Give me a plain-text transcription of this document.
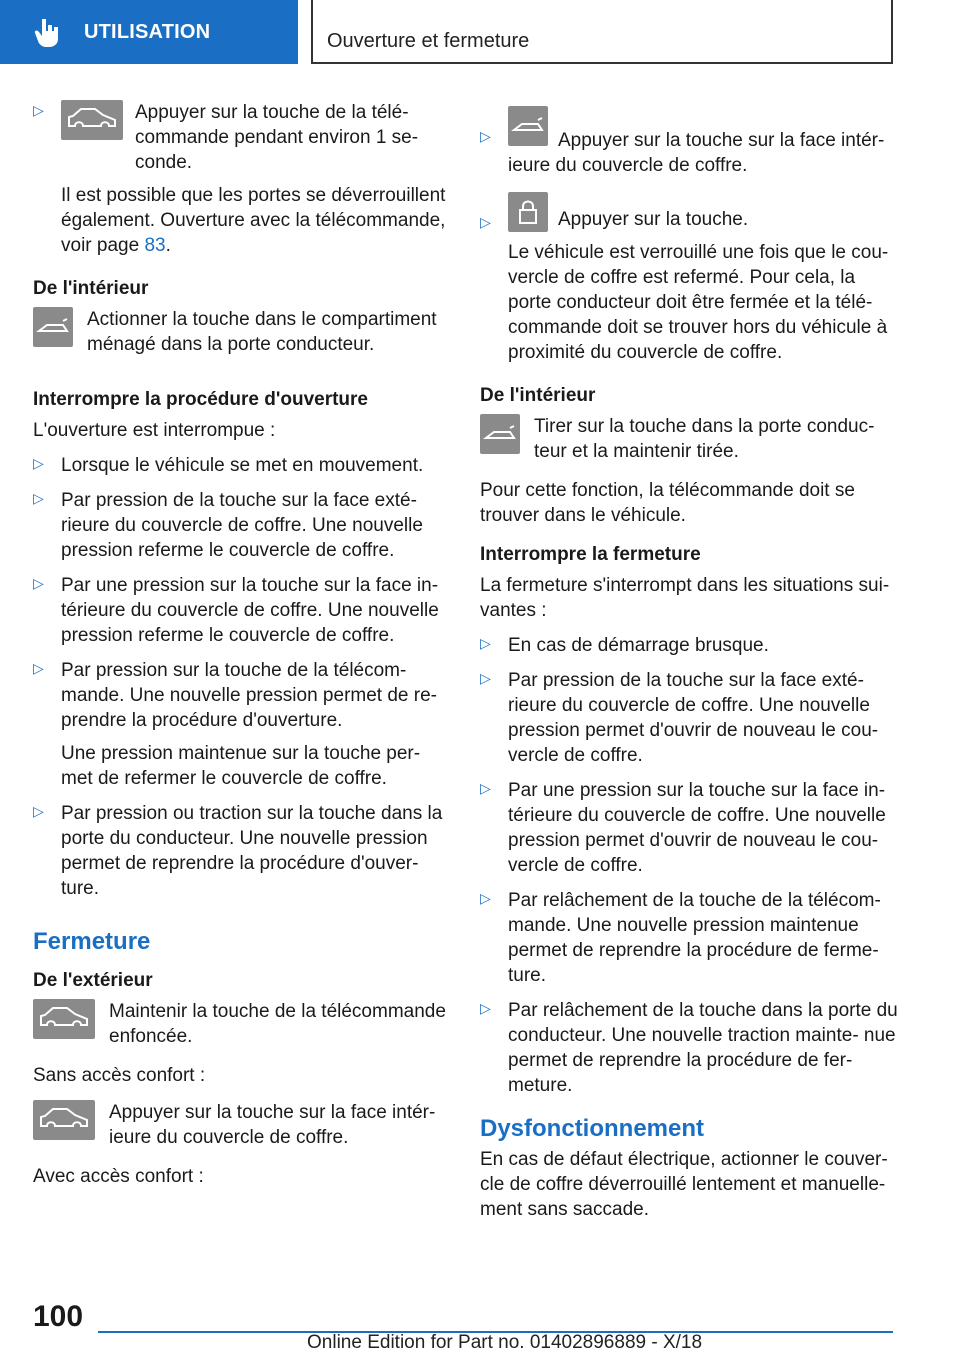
UTILISATION	Ouverture et fermeture
▷	Appuyer sur la touche de la télé- commande pendant environ 1 se- conde.

Il est possible que les portes se déverrouillent également. Ouverture avec la télécommande, voir page 83.

De l'intérieur

Actionner la touche dans le compartiment ménagé dans la porte conducteur.

Interrompre la procédure d'ouverture

L'ouverture est interrompue :

▷ Lorsque le véhicule se met en mouvement.

▷ Par pression de la touche sur la face exté- rieure du couvercle de coffre. Une nouvelle pression referme le couvercle de coffre.

▷ Par une pression sur la touche sur la face in- térieure du couvercle de coffre. Une nouvelle pression referme le couvercle de coffre.

▷ Par pression sur la touche de la télécom- mande. Une nouvelle pression permet de re- prendre la procédure d'ouverture.

Une pression maintenue sur la touche per- met de refermer le couvercle de coffre.

▷ Par pression ou traction sur la touche dans la porte du conducteur. Une nouvelle pression permet de reprendre la procédure d'ouver- ture.

Fermeture

De l'extérieur

Maintenir la touche de la télécommande enfoncée.

Sans accès confort :

Appuyer sur la touche sur la face intér- ieure du couvercle de coffre.

Avec accès confort :

▷	Appuyer sur la touche sur la face intér- ieure du couvercle de coffre.

▷	Appuyer sur la touche.

Le véhicule est verrouillé une fois que le cou- vercle de coffre est refermé. Pour cela, la porte conducteur doit être fermée et la télé- commande doit se trouver hors du véhicule à proximité du couvercle de coffre.

De l'intérieur

Tirer sur la touche dans la porte conduc- teur et la maintenir tirée.

Pour cette fonction, la télécommande doit se trouver dans le véhicule.

Interrompre la fermeture

La fermeture s'interrompt dans les situations sui- vantes :

▷ En cas de démarrage brusque.

▷ Par pression de la touche sur la face exté- rieure du couvercle de coffre. Une nouvelle pression permet d'ouvrir de nouveau le cou- vercle de coffre.

▷ Par une pression sur la touche sur la face in- térieure du couvercle de coffre. Une nouvelle pression permet d'ouvrir de nouveau le cou- vercle de coffre.

▷ Par relâchement de la touche de la télécom- mande. Une nouvelle pression maintenue permet de reprendre la procédure de ferme- ture.

▷ Par relâchement de la touche dans la porte du conducteur. Une nouvelle traction mainte- nue permet de reprendre la procédure de fer- meture.

Dysfonctionnement

En cas de défaut électrique, actionner le couver- cle de coffre déverrouillé lentement et manuelle- ment sans saccade.

100
Online Edition for Part no. 01402896889 - X/18
